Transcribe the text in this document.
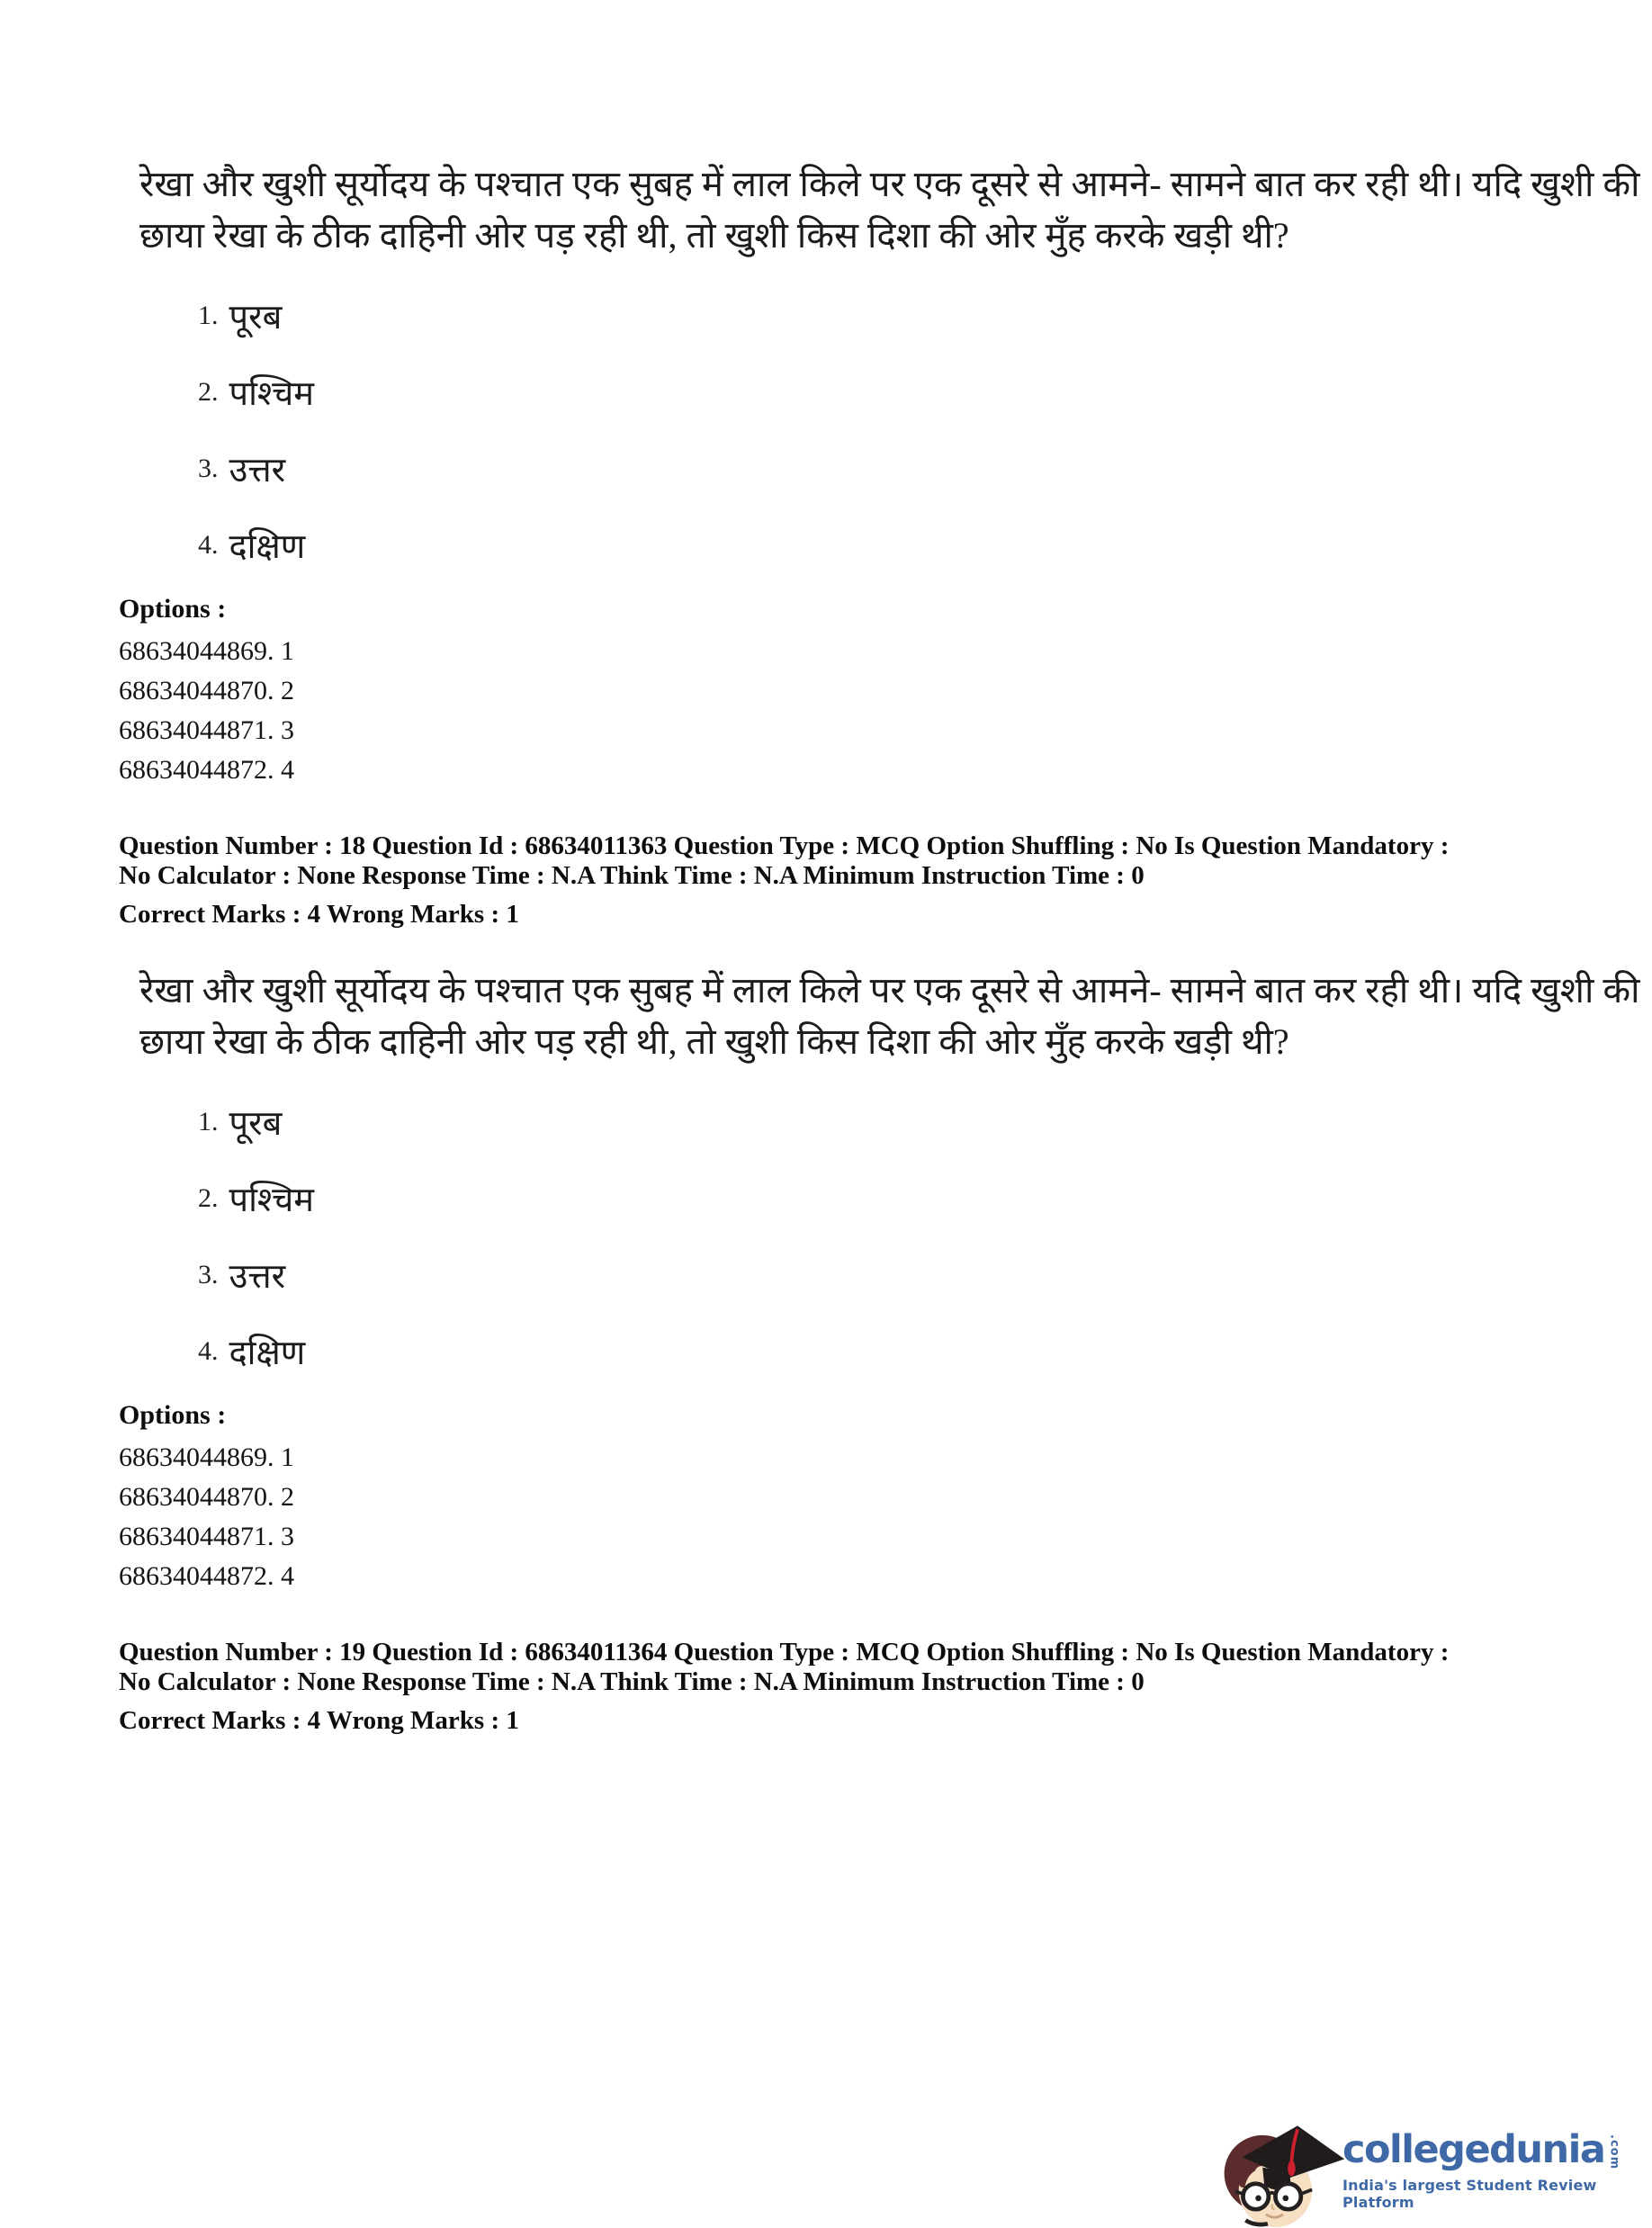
रेखा और खुशी सूर्योदय के पश्चात एक सुबह में लाल किले पर एक दूसरे से आमने- सामने बात कर रही थी। यदि खुशी की
छाया रेखा के ठीक दाहिनी ओर पड़ रही थी, तो खुशी किस दिशा की ओर मुँह करके खड़ी थी?
1. पूरब
2. पश्चिम
3. उत्तर
4. दक्षिण
Options :
68634044869. 1
68634044870. 2
68634044871. 3
68634044872. 4
Question Number : 18 Question Id : 68634011363 Question Type : MCQ Option Shuffling : No Is Question Mandatory :
No Calculator : None Response Time : N.A Think Time : N.A Minimum Instruction Time : 0
Correct Marks : 4 Wrong Marks : 1
रेखा और खुशी सूर्योदय के पश्चात एक सुबह में लाल किले पर एक दूसरे से आमने- सामने बात कर रही थी। यदि खुशी की
छाया रेखा के ठीक दाहिनी ओर पड़ रही थी, तो खुशी किस दिशा की ओर मुँह करके खड़ी थी?
1. पूरब
2. पश्चिम
3. उत्तर
4. दक्षिण
Options :
68634044869. 1
68634044870. 2
68634044871. 3
68634044872. 4
Question Number : 19 Question Id : 68634011364 Question Type : MCQ Option Shuffling : No Is Question Mandatory :
No Calculator : None Response Time : N.A Think Time : N.A Minimum Instruction Time : 0
Correct Marks : 4 Wrong Marks : 1
collegedunia .com
India's largest Student Review Platform
